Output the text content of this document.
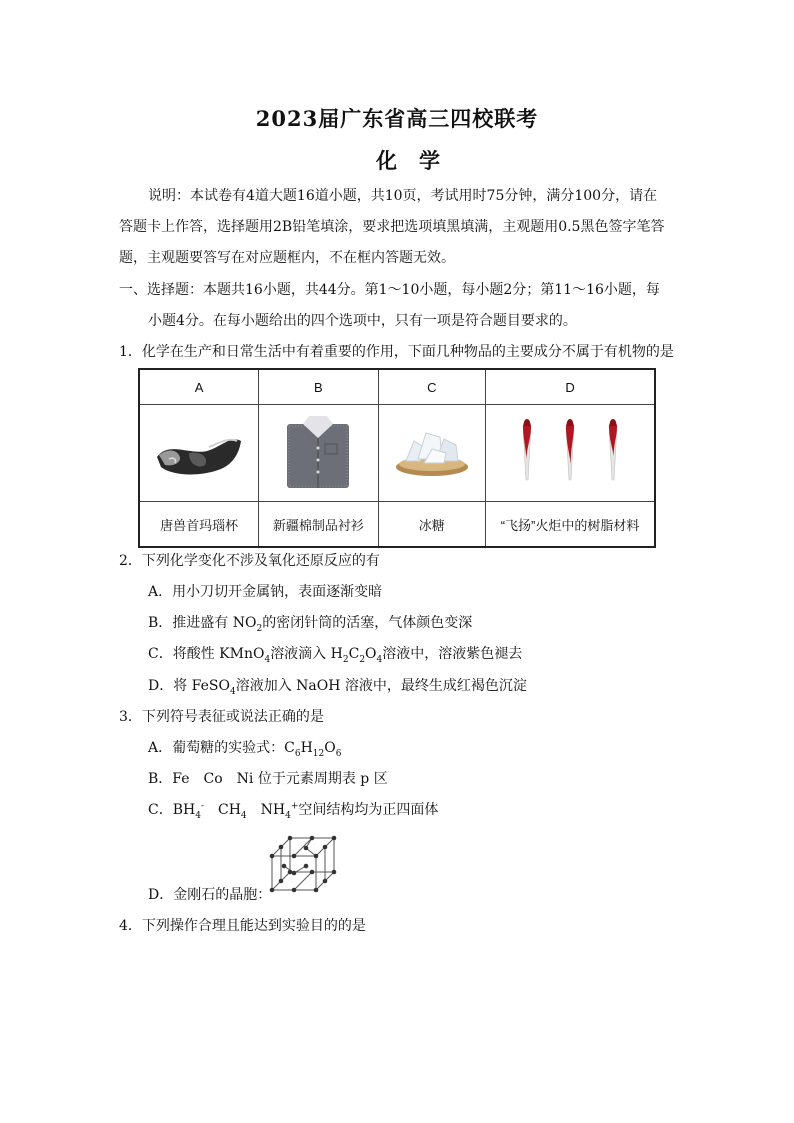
2023届广东省高三四校联考
化学
说明：本试卷有4道大题16道小题，共10页，考试用时75分钟，满分100分，请在
答题卡上作答，选择题用2B铅笔填涂，要求把选项填黑填满，主观题用0.5黑色签字笔答
题，主观题要答写在对应题框内，不在框内答题无效。
一、选择题：本题共16小题，共44分。第1～10小题，每小题2分；第11～16小题，每
小题4分。在每小题给出的四个选项中，只有一项是符合题目要求的。
1．化学在生产和日常生活中有着重要的作用，下面几种物品的主要成分不属于有机物的是
A	B	C	D

唐兽首玛瑙杯	新疆棉制品衬衫	冰糖	“飞扬”火炬中的树脂材料
2．下列化学变化不涉及氧化还原反应的有
A．用小刀切开金属钠，表面逐渐变暗
B．推进盛有 $NO_2$的密闭针筒的活塞，气体颜色变深
C．将酸性 KMnO$_4$溶液滴入 $H_2C_2O_4$溶液中，溶液紫色褪去
D．将 FeSO$_4$溶液加入 NaOH 溶液中，最终生成红褐色沉淀
3．下列符号表征或说法正确的是
A．葡萄糖的实验式：$C_6H_{12}O_6$
B．Fe　Co　Ni 位于元素周期表 p 区
C．$BH_4^-$　$CH_4$　$NH_4^+$空间结构均为正四面体
D．金刚石的晶胞：
4．下列操作合理且能达到实验目的的是
